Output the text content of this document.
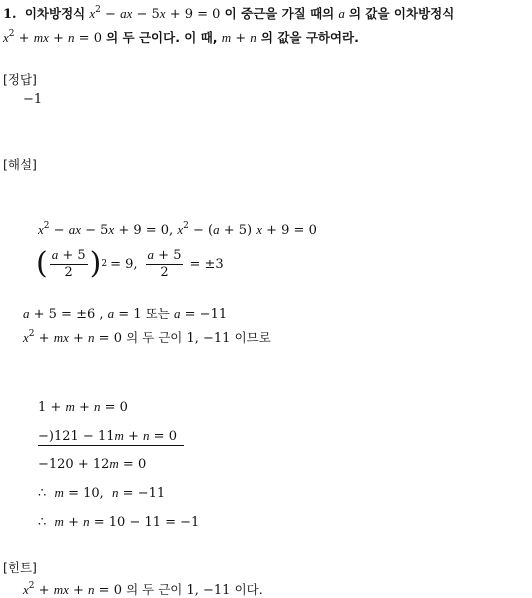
1. 이차방정식 $x^2$ − ax − 5x + 9 = 0 이 중근을 가질 때의 a 의 값을 이차방정식
$x^2$ + mx + n = 0 의 두 근이다. 이 때, m + n 의 값을 구하여라.
[정답]
−1
[해설]
$x^2$ − ax − 5x + 9 = 0, $x^2 - (a + 5) x + 9 = 0$
( $\frac{a + 5}{2}$ ) 2 = 9, $\frac{a + 5}{2} = \pm 3$
a + 5 = ±6 , a = 1 또는 a = −11
$x^2$ + mx + n = 0 의 두 근이 1, −11 이므로
1 + m + n = 0
−)121 − 11m + n = 0
−120 + 12m = 0
∴  m = 10,  n = −11
∴  m + n = 10 − 11 = −1
[힌트]
$x^2$ + mx + n = 0 의 두 근이 1, −11 이다.
